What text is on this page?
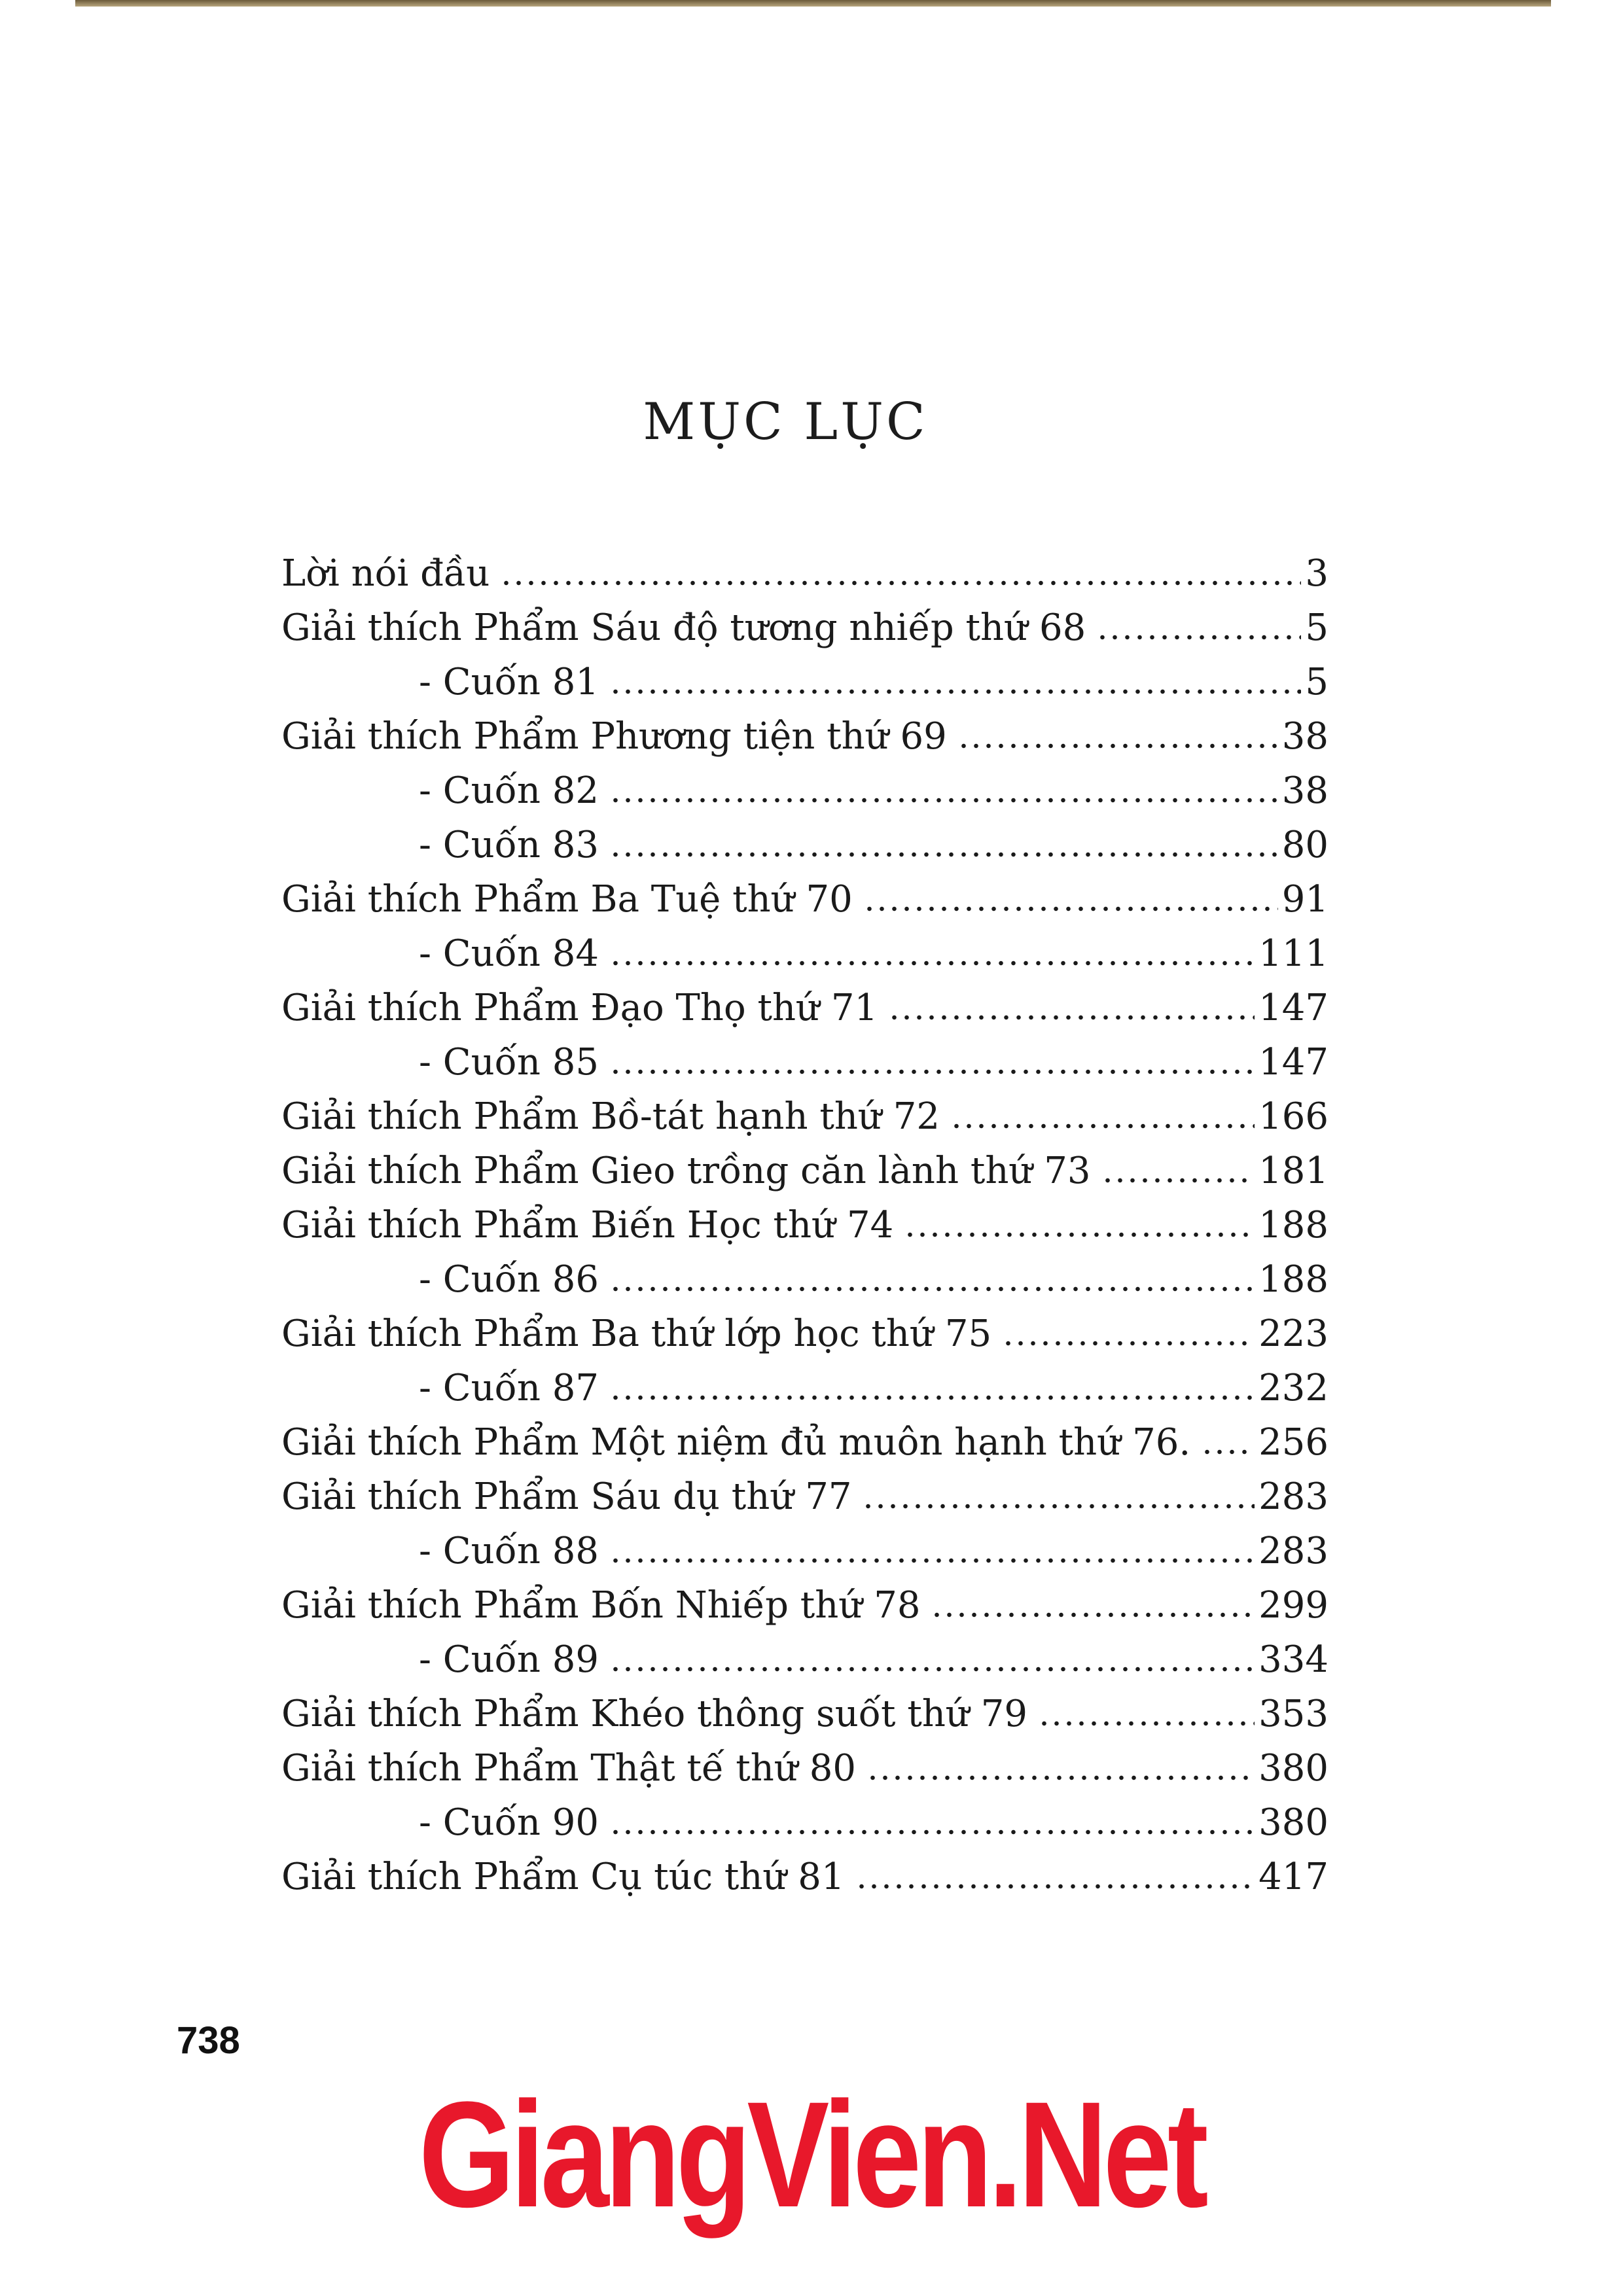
MỤC LỤC
Lời nói đầu	3
Giải thích Phẩm Sáu độ tương nhiếp thứ 68	5
- Cuốn 81	5
Giải thích Phẩm Phương tiện thứ 69	38
- Cuốn 82	38
- Cuốn 83	80
Giải thích Phẩm Ba Tuệ thứ 70	91
- Cuốn 84	111
Giải thích Phẩm Đạo Thọ thứ 71	147
- Cuốn 85	147
Giải thích Phẩm Bồ-tát hạnh thứ 72	166
Giải thích Phẩm Gieo trồng căn lành thứ 73	181
Giải thích Phẩm Biến Học thứ 74	188
- Cuốn 86	188
Giải thích Phẩm Ba thứ lớp học thứ 75	223
- Cuốn 87	232
Giải thích Phẩm Một niệm đủ muôn hạnh thứ 76. 256
Giải thích Phẩm Sáu dụ thứ 77	283
- Cuốn 88	283
Giải thích Phẩm Bốn Nhiếp thứ 78	299
- Cuốn 89	334
Giải thích Phẩm Khéo thông suốt thứ 79	353
Giải thích Phẩm Thật tế thứ 80	380
- Cuốn 90	380
Giải thích Phẩm Cụ túc thứ 81	417
738
GiangVien.Net
